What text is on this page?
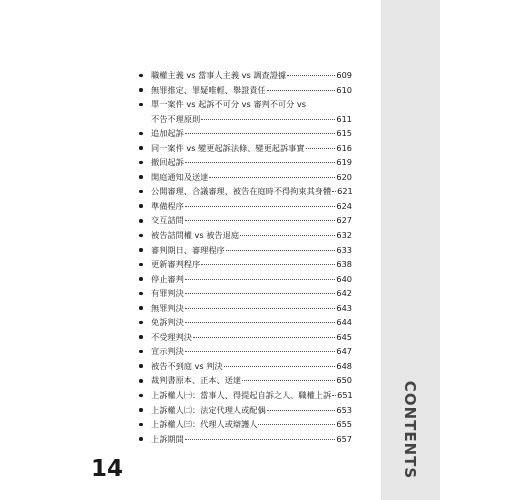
CONTENTS
職權主義 vs 當事人主義 vs 調查證據	609
無罪推定、罪疑唯輕、舉證責任	610
單一案件 vs 起訴不可分 vs 審判不可分 vs
不告不理原則	611
追加起訴	615
同一案件 vs 變更起訴法條、變更起訴事實	616
撤回起訴	619
開庭通知及送達	620
公開審理、合議審理、被告在庭時不得拘束其身體 621
準備程序	624
交互詰問	627
被告詰問權 vs 被告退庭	632
審判期日、審理程序	633
更新審判程序	638
停止審判	640
有罪判決	642
無罪判決	643
免訴判決	644
不受理判決	645
宣示判決	647
被告不到庭 vs 判決	648
裁判書原本、正本、送達	650
上訴權人㈠：當事人、得提起自訴之人、職權上訴 651
上訴權人㈡：法定代理人或配偶	653
上訴權人㈢：代理人或辯護人	655
上訴期間	657
14
